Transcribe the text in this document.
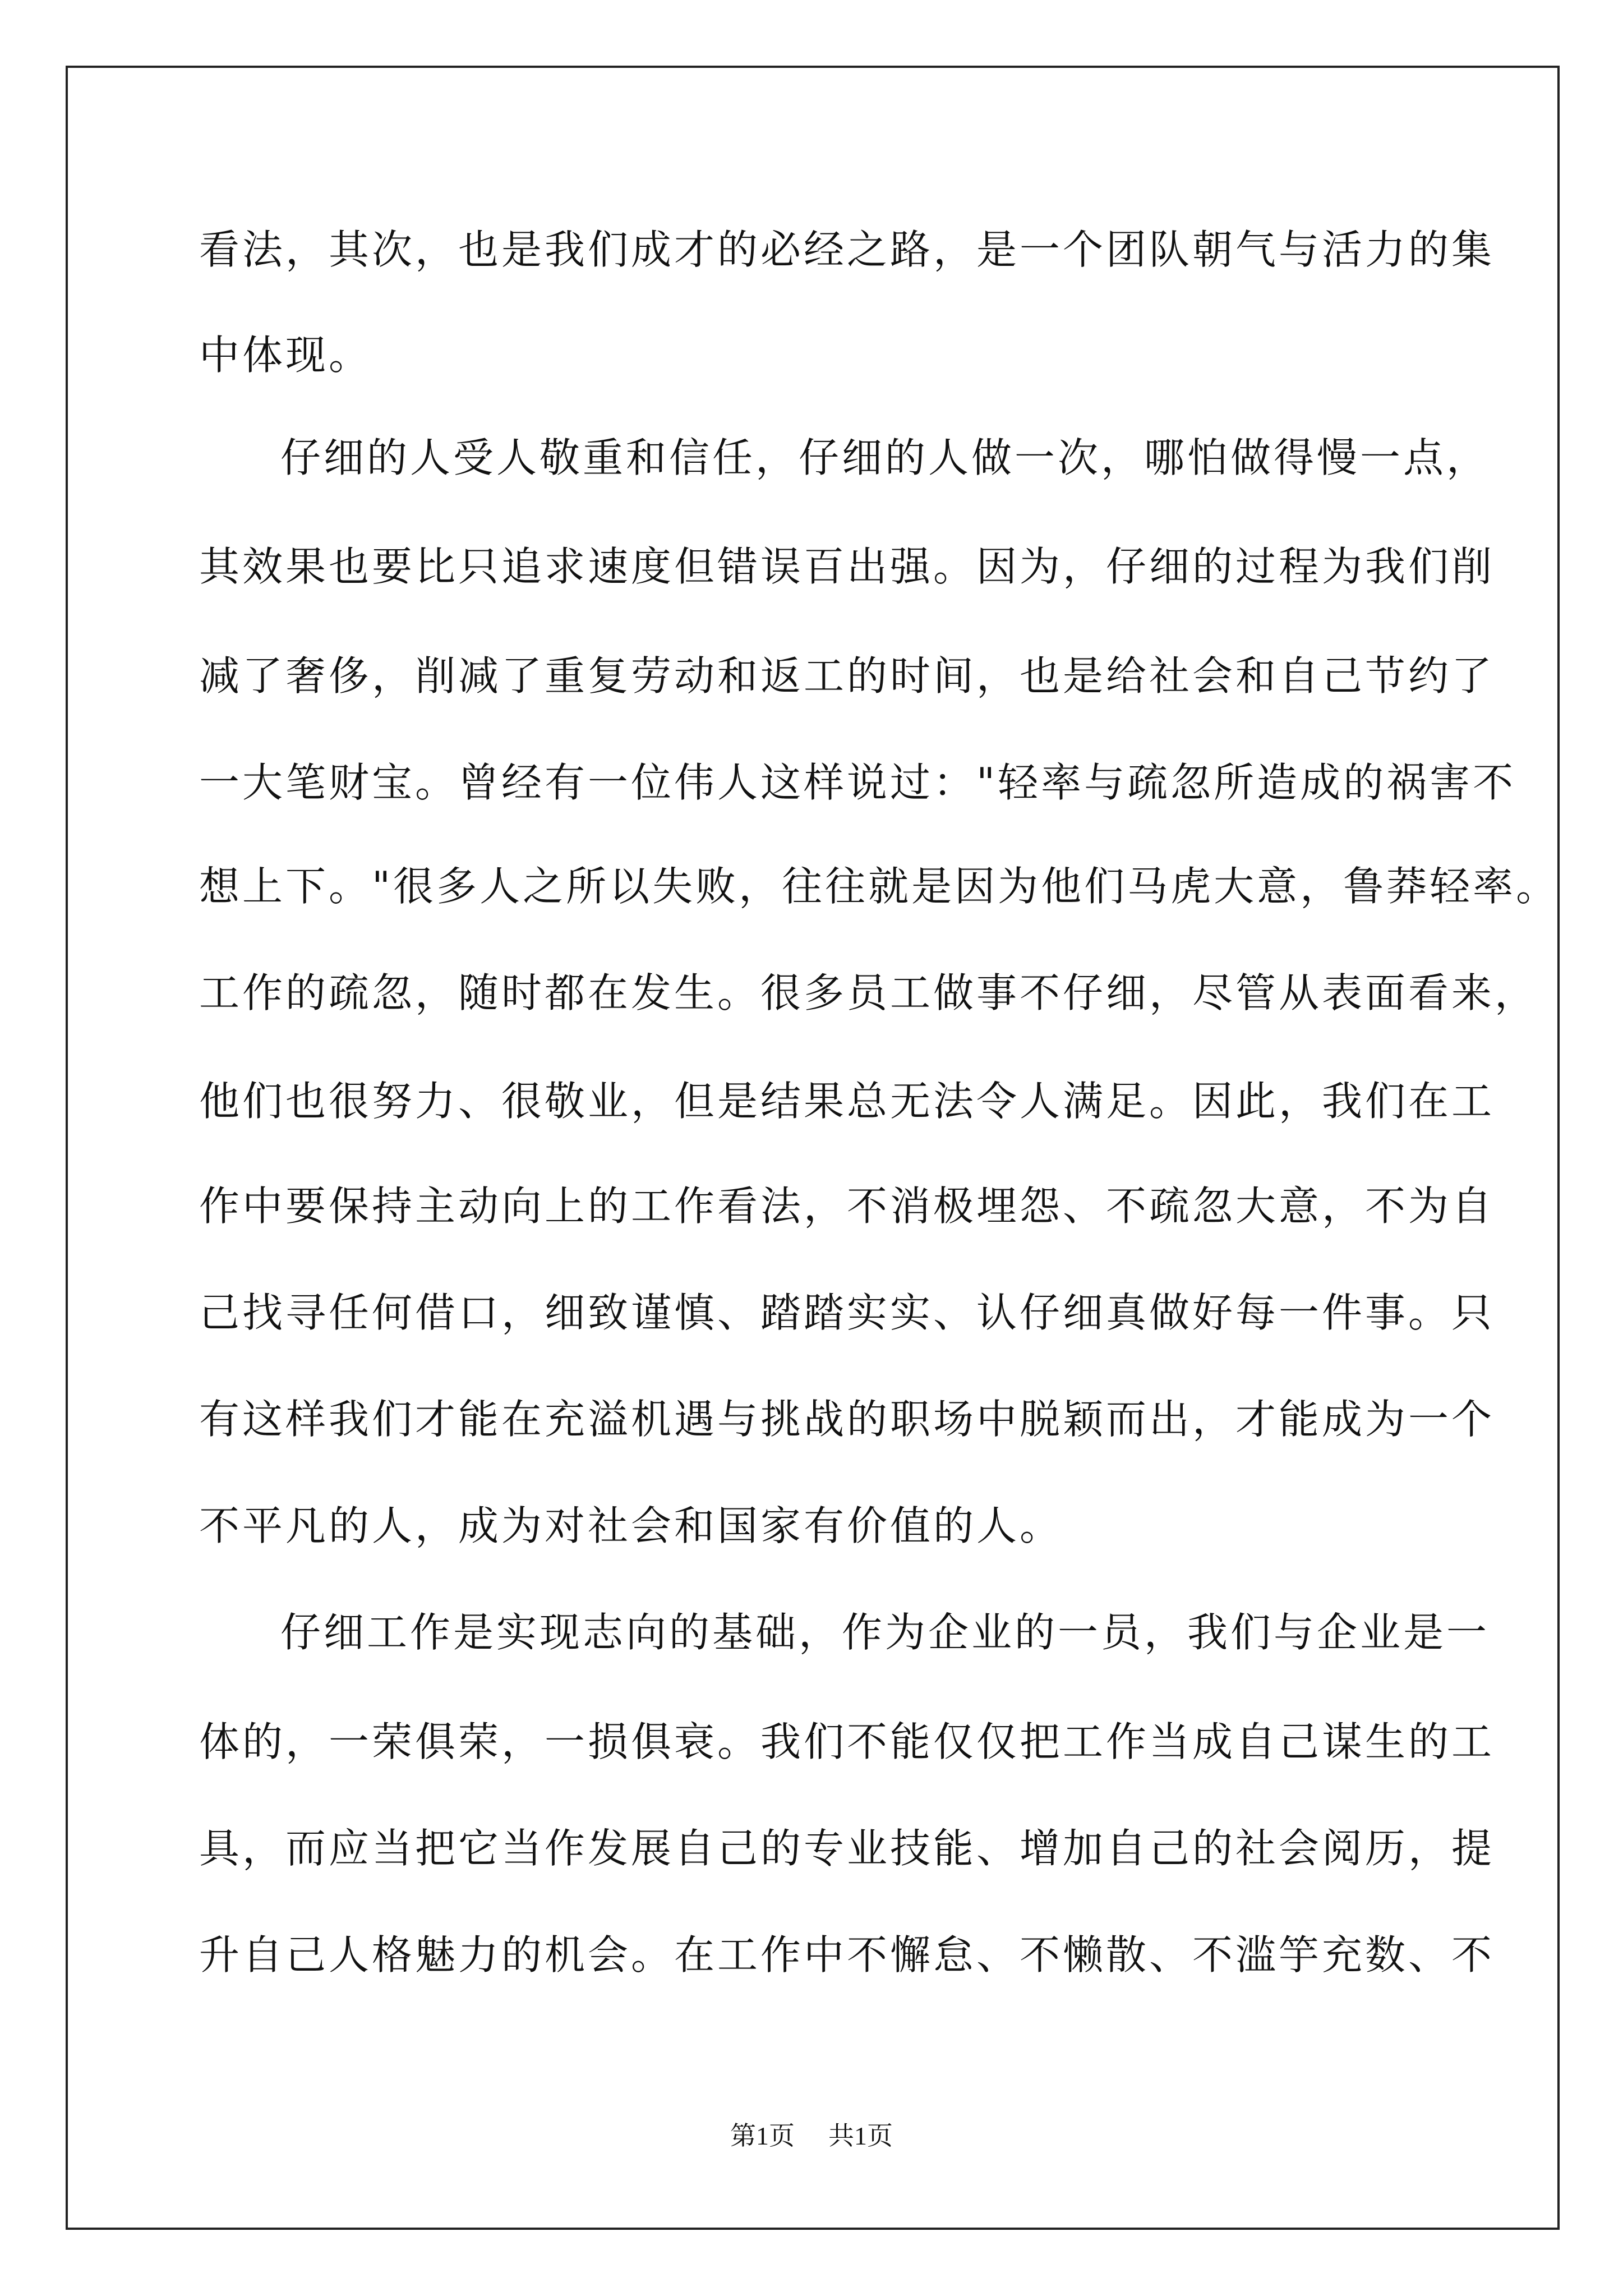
看法，其次，也是我们成才的必经之路，是一个团队朝气与活力的集
中体现。
仔细的人受人敬重和信任，仔细的人做一次，哪怕做得慢一点，
其效果也要比只追求速度但错误百出强。因为，仔细的过程为我们削
减了奢侈，削减了重复劳动和返工的时间，也是给社会和自己节约了
一大笔财宝。曾经有一位伟人这样说过："轻率与疏忽所造成的祸害不
想上下。"很多人之所以失败，往往就是因为他们马虎大意，鲁莽轻率。
工作的疏忽，随时都在发生。很多员工做事不仔细，尽管从表面看来，
他们也很努力、很敬业，但是结果总无法令人满足。因此，我们在工
作中要保持主动向上的工作看法，不消极埋怨、不疏忽大意，不为自
己找寻任何借口，细致谨慎、踏踏实实、认仔细真做好每一件事。只
有这样我们才能在充溢机遇与挑战的职场中脱颖而出，才能成为一个
不平凡的人，成为对社会和国家有价值的人。
仔细工作是实现志向的基础，作为企业的一员，我们与企业是一
体的，一荣俱荣，一损俱衰。我们不能仅仅把工作当成自己谋生的工
具，而应当把它当作发展自己的专业技能、增加自己的社会阅历，提
升自己人格魅力的机会。在工作中不懈怠、不懒散、不滥竽充数、不
第1页 共1页
